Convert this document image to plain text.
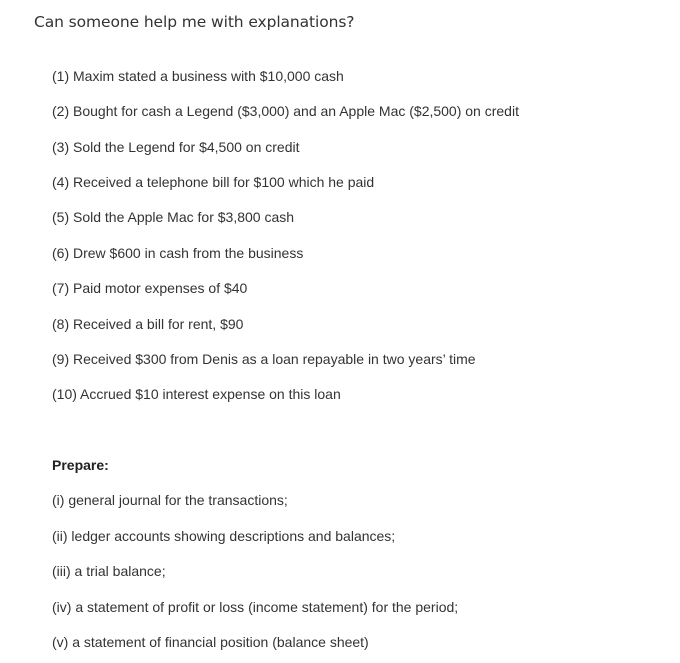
Can someone help me with explanations?
(1) Maxim stated a business with $10,000 cash
(2) Bought for cash a Legend ($3,000) and an Apple Mac ($2,500) on credit
(3) Sold the Legend for $4,500 on credit
(4) Received a telephone bill for $100 which he paid
(5) Sold the Apple Mac for $3,800 cash
(6) Drew $600 in cash from the business
(7) Paid motor expenses of $40
(8) Received a bill for rent, $90
(9) Received $300 from Denis as a loan repayable in two years’ time
(10) Accrued $10 interest expense on this loan
Prepare:
(i) general journal for the transactions;
(ii) ledger accounts showing descriptions and balances;
(iii) a trial balance;
(iv) a statement of profit or loss (income statement) for the period;
(v) a statement of financial position (balance sheet)
